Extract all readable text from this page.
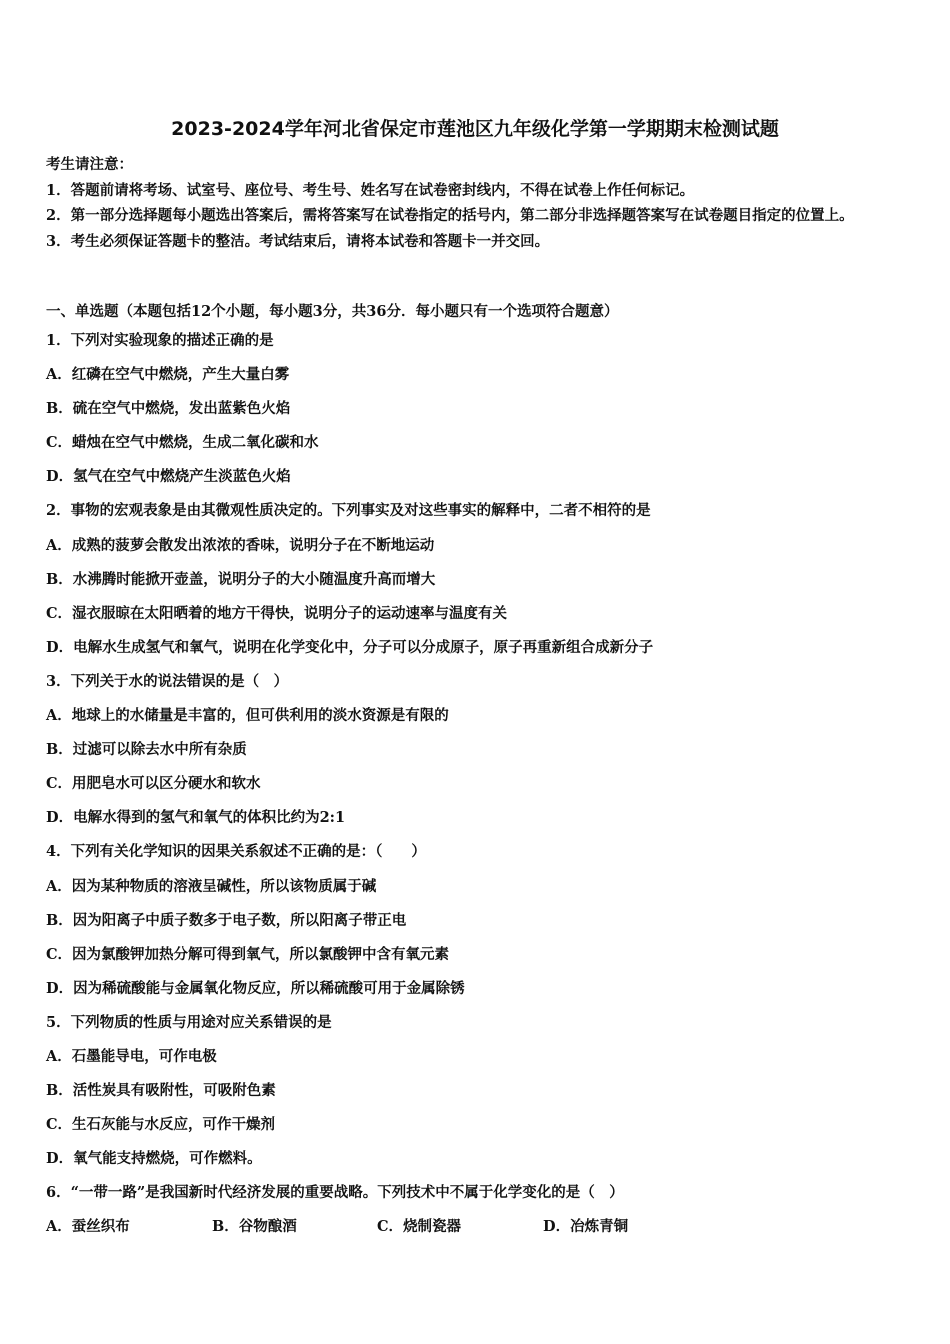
2023-2024学年河北省保定市莲池区九年级化学第一学期期末检测试题
考生请注意：
1．答题前请将考场、试室号、座位号、考生号、姓名写在试卷密封线内，不得在试卷上作任何标记。
2．第一部分选择题每小题选出答案后，需将答案写在试卷指定的括号内，第二部分非选择题答案写在试卷题目指定的位置上。
3．考生必须保证答题卡的整洁。考试结束后，请将本试卷和答题卡一并交回。
一、单选题（本题包括12个小题，每小题3分，共36分．每小题只有一个选项符合题意）
1．下列对实验现象的描述正确的是
A．红磷在空气中燃烧，产生大量白雾
B．硫在空气中燃烧，发出蓝紫色火焰
C．蜡烛在空气中燃烧，生成二氧化碳和水
D．氢气在空气中燃烧产生淡蓝色火焰
2．事物的宏观表象是由其微观性质决定的。下列事实及对这些事实的解释中，二者不相符的是
A．成熟的菠萝会散发出浓浓的香味，说明分子在不断地运动
B．水沸腾时能掀开壶盖，说明分子的大小随温度升高而增大
C．湿衣服晾在太阳晒着的地方干得快，说明分子的运动速率与温度有关
D．电解水生成氢气和氧气，说明在化学变化中，分子可以分成原子，原子再重新组合成新分子
3．下列关于水的说法错误的是（　）
A．地球上的水储量是丰富的，但可供利用的淡水资源是有限的
B．过滤可以除去水中所有杂质
C．用肥皂水可以区分硬水和软水
D．电解水得到的氢气和氧气的体积比约为2:1
4．下列有关化学知识的因果关系叙述不正确的是：（　　）
A．因为某种物质的溶液呈碱性，所以该物质属于碱
B．因为阳离子中质子数多于电子数，所以阳离子带正电
C．因为氯酸钾加热分解可得到氧气，所以氯酸钾中含有氧元素
D．因为稀硫酸能与金属氧化物反应，所以稀硫酸可用于金属除锈
5．下列物质的性质与用途对应关系错误的是
A．石墨能导电，可作电极
B．活性炭具有吸附性，可吸附色素
C．生石灰能与水反应，可作干燥剂
D．氧气能支持燃烧，可作燃料。
6．“一带一路”是我国新时代经济发展的重要战略。下列技术中不属于化学变化的是（　）
A．蚕丝织布	B．谷物酿酒	C．烧制瓷器	D．冶炼青铜
